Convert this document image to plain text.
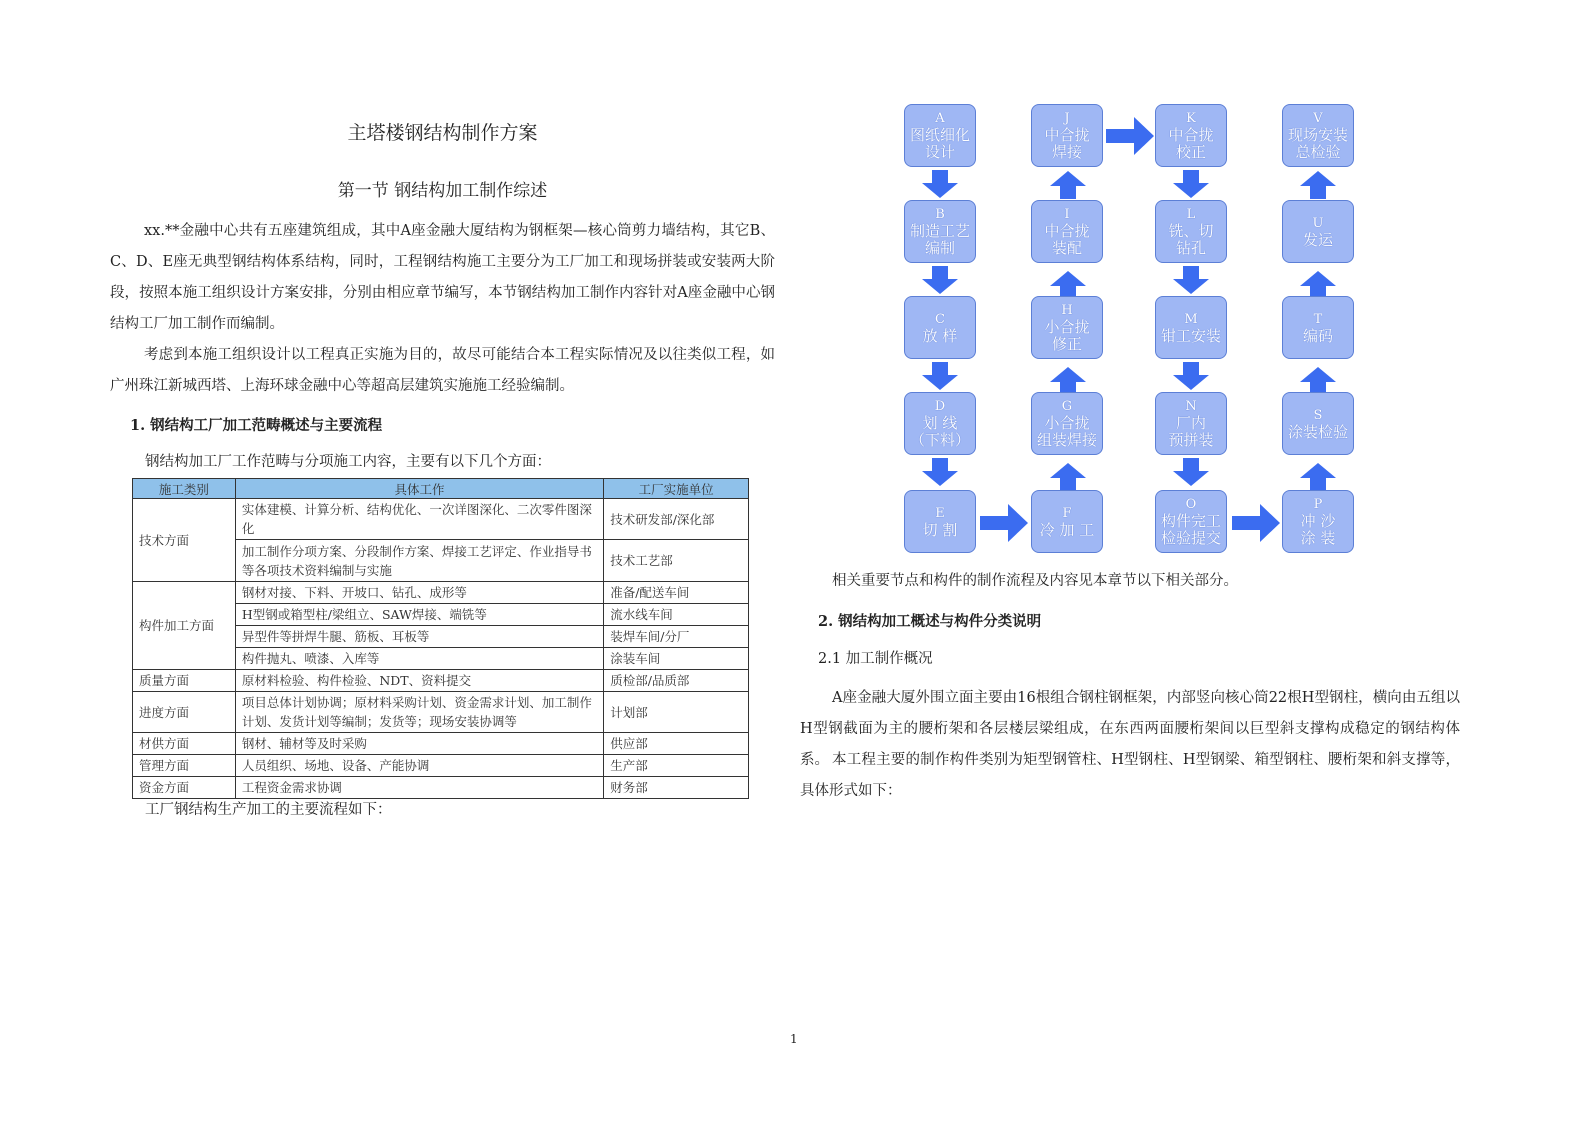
主塔楼钢结构制作方案
第一节 钢结构加工制作综述
xx.**金融中心共有五座建筑组成，其中A座金融大厦结构为钢框架—核心筒剪力墙结构，其它B、C、D、E座无典型钢结构体系结构，同时，工程钢结构施工主要分为工厂加工和现场拼装或安装两大阶段，按照本施工组织设计方案安排，分别由相应章节编写，本节钢结构加工制作内容针对A座金融中心钢结构工厂加工制作而编制。
考虑到本施工组织设计以工程真正实施为目的，故尽可能结合本工程实际情况及以往类似工程，如广州珠江新城西塔、上海环球金融中心等超高层建筑实施施工经验编制。
1. 钢结构工厂加工范畴概述与主要流程
钢结构加工厂工作范畴与分项施工内容，主要有以下几个方面：
施工类别	具体工作	工厂实施单位
技术方面	实体建模、计算分析、结构优化、一次详图深化、二次零件图深化	技术研发部/深化部
	加工制作分项方案、分段制作方案、焊接工艺评定、作业指导书等各项技术资料编制与实施	技术工艺部
构件加工方面	钢材对接、下料、开坡口、钻孔、成形等	准备/配送车间
	H型钢或箱型柱/梁组立、SAW焊接、端铣等	流水线车间
	异型件等拼焊牛腿、筋板、耳板等	装焊车间/分厂
	构件抛丸、喷漆、入库等	涂装车间
质量方面	原材料检验、构件检验、NDT、资料提交	质检部/品质部
进度方面	项目总体计划协调；原材料采购计划、资金需求计划、加工制作计划、发货计划等编制；发货等；现场安装协调等	计划部
材供方面	钢材、辅材等及时采购	供应部
管理方面	人员组织、场地、设备、产能协调	生产部
资金方面	工程资金需求协调	财务部
工厂钢结构生产加工的主要流程如下：
A
图纸细化
设计
B
制造工艺
编制
C
放 样
D
划 线
（下料）
E
切 割
F
冷 加 工
G
小合拢
组装焊接
H
小合拢
修正
I
中合拢
装配
J
中合拢
焊接
K
中合拢
校正
L
铣、切
钻孔
M
钳工安装
N
厂内
预拼装
O
构件完工
检验提交
P
冲 沙
涂 装
S
涂装检验
T
编码
U
发运
V
现场安装
总检验
相关重要节点和构件的制作流程及内容见本章节以下相关部分。
2. 钢结构加工概述与构件分类说明
2.1 加工制作概况
A座金融大厦外围立面主要由16根组合钢柱钢框架，内部竖向核心筒22根H型钢柱，横向由五组以H型钢截面为主的腰桁架和各层楼层梁组成，在东西两面腰桁架间以巨型斜支撑构成稳定的钢结构体系。 本工程主要的制作构件类别为矩型钢管柱、H型钢柱、H型钢梁、箱型钢柱、腰桁架和斜支撑等，具体形式如下：
1
